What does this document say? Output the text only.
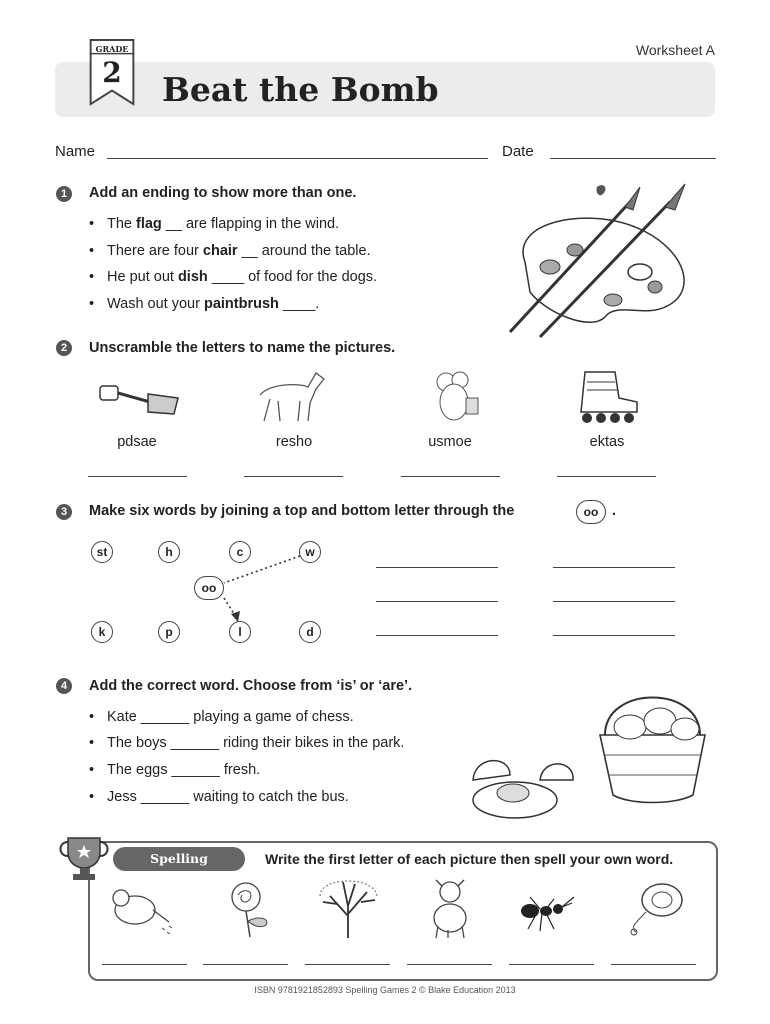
GRADE
2	Beat the Bomb
Worksheet A
Name	Date
1	Add an ending to show more than one.
• The flag __ are flapping in the wind.
• There are four chair __ around the table.
• He put out dish ____ of food for the dogs.
• Wash out your paintbrush ____.
2	Unscramble the letters to name the pictures.
pdsae	resho	usmoe	ektas
3	Make six words by joining a top and bottom letter through the	oo .
st	h	c	w
oo
k	p	l	d
4	Add the correct word. Choose from ‘is’ or ‘are’.
• Kate ______ playing a game of chess.
• The boys ______ riding their bikes in the park.
• The eggs ______ fresh.
• Jess ______ waiting to catch the bus.
Spelling Challenge
Write the first letter of each picture then spell your own word.
ISBN 9781921852893 Spelling Games 2 © Blake Education 2013
